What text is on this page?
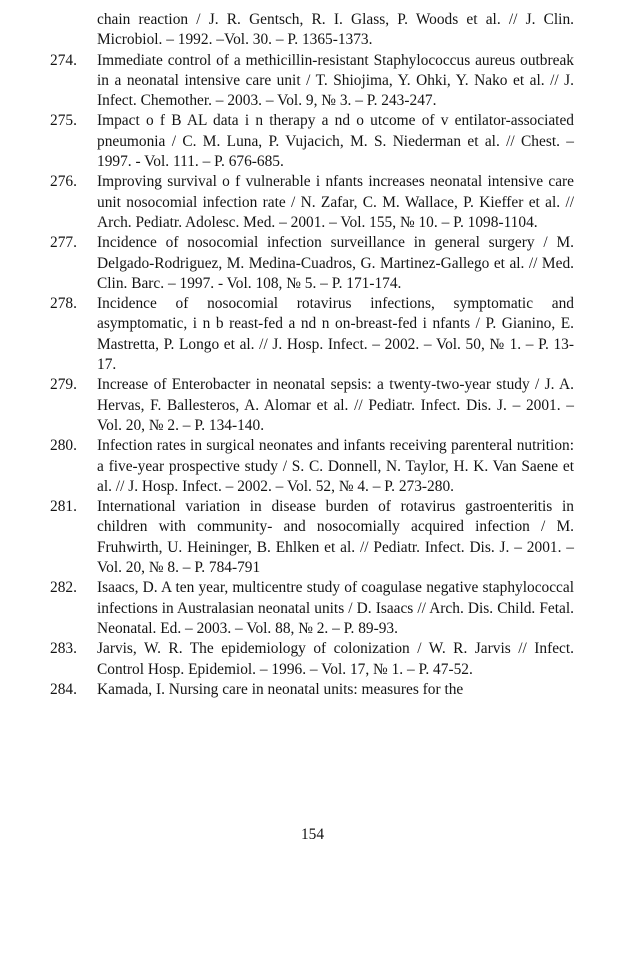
chain reaction / J. R. Gentsch, R. I. Glass, P. Woods et al. // J. Clin. Microbiol. – 1992. –Vol. 30. – P. 1365-1373.
274.	Immediate control of a methicillin-resistant Staphylococcus aureus outbreak in a neonatal intensive care unit / T. Shiojima, Y. Ohki, Y. Nako et al. // J. Infect. Chemother. – 2003. – Vol. 9, № 3. – P. 243-247.
275.	Impact o f B AL data i n therapy a nd o utcome of v entilator-associated pneumonia / C. M. Luna, P. Vujacich, M. S. Niederman et al. // Chest. – 1997. - Vol. 111. – P. 676-685.
276.	Improving survival o f vulnerable i nfants increases neonatal intensive care unit nosocomial infection rate / N. Zafar, C. M. Wallace, P. Kieffer et al. // Arch. Pediatr. Adolesc. Med. – 2001. – Vol. 155, № 10. – P. 1098-1104.
277.	Incidence of nosocomial infection surveillance in general surgery / M. Delgado-Rodriguez, M. Medina-Cuadros, G. Martinez-Gallego et al. // Med. Clin. Barc. – 1997. - Vol. 108, № 5. – P. 171-174.
278.	Incidence of nosocomial rotavirus infections, symptomatic and asymptomatic, i n b reast-fed a nd n on-breast-fed i nfants / P. Gianino, E. Mastretta, P. Longo et al. // J. Hosp. Infect. – 2002. – Vol. 50, № 1. – P. 13-17.
279.	Increase of Enterobacter in neonatal sepsis: a twenty-two-year study / J. A. Hervas, F. Ballesteros, A. Alomar et al. // Pediatr. Infect. Dis. J. – 2001. – Vol. 20, № 2. – P. 134-140.
280.	Infection rates in surgical neonates and infants receiving parenteral nutrition: a five-year prospective study / S. C. Donnell, N. Taylor, H. K. Van Saene et al. // J. Hosp. Infect. – 2002. – Vol. 52, № 4. – P. 273-280.
281.	International variation in disease burden of rotavirus gastroenteritis in children with community- and nosocomially acquired infection / M. Fruhwirth, U. Heininger, B. Ehlken et al. // Pediatr. Infect. Dis. J. – 2001. – Vol. 20, № 8. – P. 784-791
282.	Isaacs, D. A ten year, multicentre study of coagulase negative staphylococcal infections in Australasian neonatal units / D. Isaacs // Arch. Dis. Child. Fetal. Neonatal. Ed. – 2003. – Vol. 88, № 2. – P. 89-93.
283.	Jarvis, W. R. The epidemiology of colonization / W. R. Jarvis // Infect. Control Hosp. Epidemiol. – 1996. – Vol. 17, № 1. – P. 47-52.
284.	Kamada, I. Nursing care in neonatal units: measures for the
154
